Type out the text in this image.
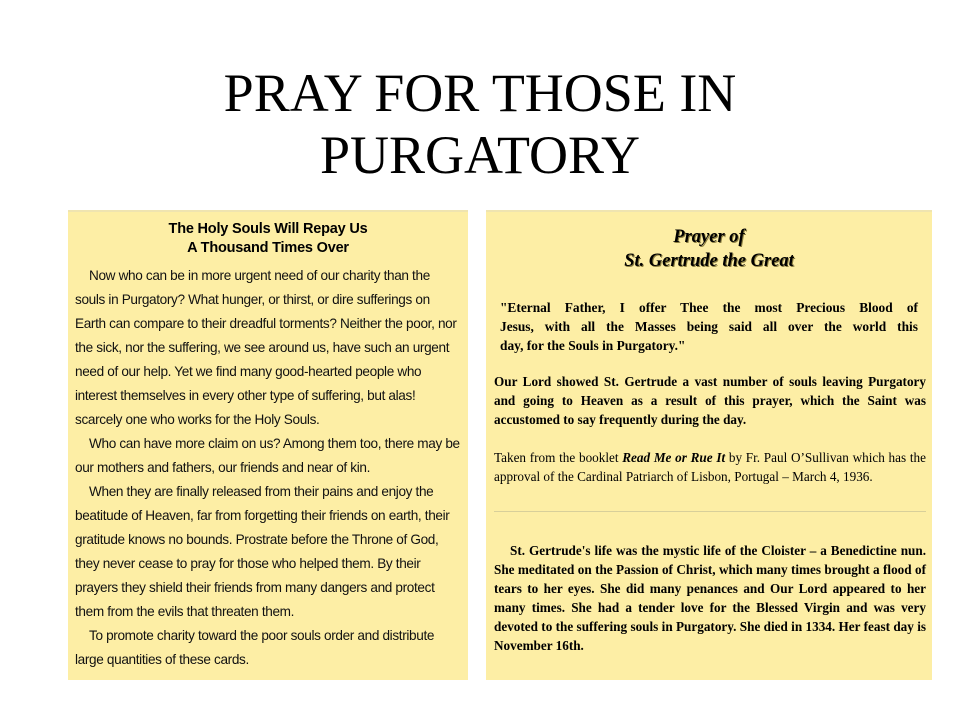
PRAY FOR THOSE IN
PURGATORY
The Holy Souls Will Repay Us
A Thousand Times Over

Now who can be in more urgent need of our charity than the souls in Purgatory? What hunger, or thirst, or dire sufferings on Earth can compare to their dreadful torments? Neither the poor, nor the sick, nor the suffering, we see around us, have such an urgent need of our help. Yet we find many good-hearted people who interest themselves in every other type of suffering, but alas! scarcely one who works for the Holy Souls.

Who can have more claim on us? Among them too, there may be our mothers and fathers, our friends and near of kin.

When they are finally released from their pains and enjoy the beatitude of Heaven, far from forgetting their friends on earth, their gratitude knows no bounds. Prostrate before the Throne of God, they never cease to pray for those who helped them. By their prayers they shield their friends from many dangers and protect them from the evils that threaten them.

To promote charity toward the poor souls order and distribute large quantities of these cards.

Prayer of
St. Gertrude the Great
"Eternal Father, I offer Thee the most Precious Blood of
Jesus, with all the Masses being said all over the world this
day, for the Souls in Purgatory."
Our Lord showed St. Gertrude a vast number of souls leaving Purgatory and going to Heaven as a result of this prayer, which the Saint was accustomed to say frequently during the day.
Taken from the booklet Read Me or Rue It by Fr. Paul O’Sullivan which has the approval of the Cardinal Patriarch of Lisbon, Portugal – March 4, 1936.
St. Gertrude's life was the mystic life of the Cloister – a Benedictine nun. She meditated on the Passion of Christ, which many times brought a flood of tears to her eyes. She did many penances and Our Lord appeared to her many times. She had a tender love for the Blessed Virgin and was very devoted to the suffering souls in Purgatory. She died in 1334. Her feast day is November 16th.
